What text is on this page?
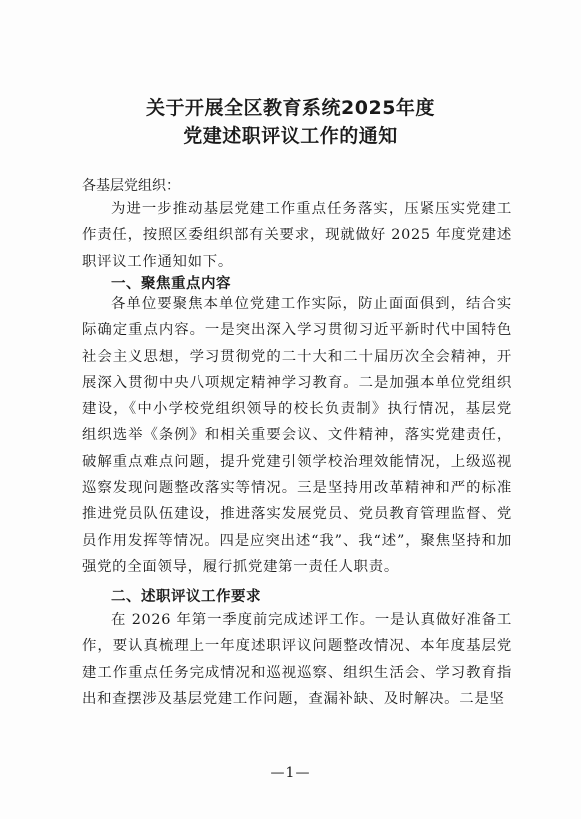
关于开展全区教育系统2025年度
党建述职评议工作的通知

各基层党组织：

为进一步推动基层党建工作重点任务落实，压紧压实党建工作责任，按照区委组织部有关要求，现就做好 2025 年度党建述职评议工作通知如下。

一、聚焦重点内容

各单位要聚焦本单位党建工作实际，防止面面俱到，结合实际确定重点内容。一是突出深入学习贯彻习近平新时代中国特色社会主义思想，学习贯彻党的二十大和二十届历次全会精神，开展深入贯彻中央八项规定精神学习教育。二是加强本单位党组织建设，《中小学校党组织领导的校长负责制》执行情况，基层党组织选举《条例》和相关重要会议、文件精神，落实党建责任，破解重点难点问题，提升党建引领学校治理效能情况，上级巡视巡察发现问题整改落实等情况。三是坚持用改革精神和严的标准推进党员队伍建设，推进落实发展党员、党员教育管理监督、党员作用发挥等情况。四是应突出述“我”、我“述”，聚焦坚持和加强党的全面领导，履行抓党建第一责任人职责。

二、述职评议工作要求

在 2026 年第一季度前完成述评工作。一是认真做好准备工作，要认真梳理上一年度述职评议问题整改情况、本年度基层党建工作重点任务完成情况和巡视巡察、组织生活会、学习教育指出和查摆涉及基层党建工作问题，查漏补缺、及时解决。二是坚

—1—
